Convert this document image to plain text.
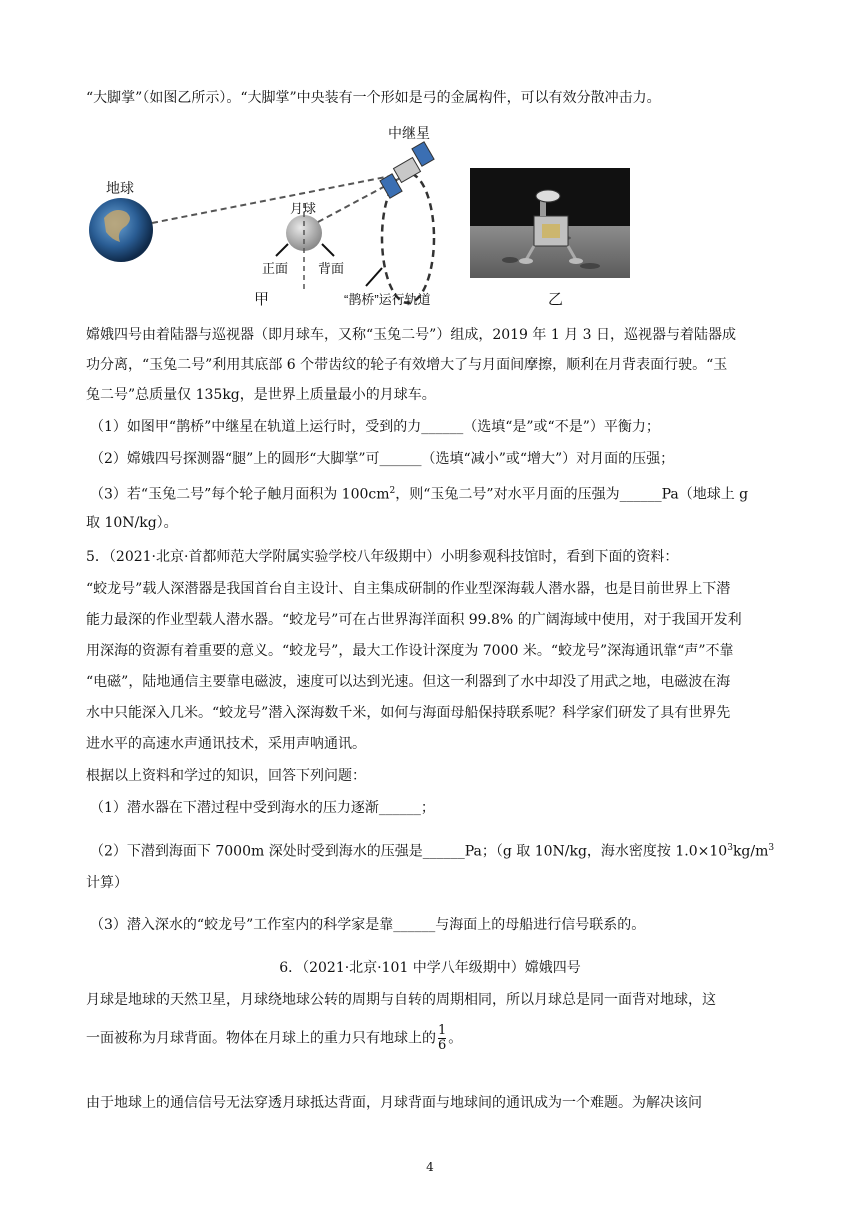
“大脚掌”（如图乙所示）。“大脚掌”中央装有一个形如是弓的金属构件，可以有效分散冲击力。
地球
月球
正面 背面
中继星
“鹊桥”运行轨道
甲	乙
嫦娥四号由着陆器与巡视器（即月球车，又称“玉兔二号”）组成，2019 年 1 月 3 日，巡视器与着陆器成
功分离，“玉兔二号”利用其底部 6 个带齿纹的轮子有效增大了与月面间摩擦，顺利在月背表面行驶。“玉
兔二号”总质量仅 135kg，是世界上质量最小的月球车。
（1）如图甲“鹊桥”中继星在轨道上运行时，受到的力______（选填“是”或“不是”）平衡力；
（2）嫦娥四号探测器“腿”上的圆形“大脚掌”可______（选填“减小”或“增大”）对月面的压强；
（3）若“玉兔二号”每个轮子触月面积为 $100cm^2$，则“玉兔二号”对水平月面的压强为______Pa（地球上 g
取 10N/kg）。
5．（2021·北京·首都师范大学附属实验学校八年级期中）小明参观科技馆时，看到下面的资料：
“蛟龙号”载人深潜器是我国首台自主设计、自主集成研制的作业型深海载人潜水器，也是目前世界上下潜
能力最深的作业型载人潜水器。“蛟龙号”可在占世界海洋面积 99.8% 的广阔海域中使用，对于我国开发利
用深海的资源有着重要的意义。“蛟龙号”，最大工作设计深度为 7000 米。“蛟龙号”深海通讯靠“声”不靠
“电磁”，陆地通信主要靠电磁波，速度可以达到光速。但这一利器到了水中却没了用武之地，电磁波在海
水中只能深入几米。“蛟龙号”潜入深海数千米，如何与海面母船保持联系呢？科学家们研发了具有世界先
进水平的高速水声通讯技术，采用声呐通讯。
根据以上资料和学过的知识，回答下列问题：
（1）潜水器在下潜过程中受到海水的压力逐渐______；
（2）下潜到海面下 7000m 深处时受到海水的压强是______Pa；（g 取 10N/kg，海水密度按 $1.0\times 10^3kg/m^3$
计算）
（3）潜入深水的“蛟龙号”工作室内的科学家是靠______与海面上的母船进行信号联系的。
6．（2021·北京·101 中学八年级期中）嫦娥四号
月球是地球的天然卫星，月球绕地球公转的周期与自转的周期相同，所以月球总是同一面背对地球，这
一面被称为月球背面。物体在月球上的重力只有地球上的 $\frac{1}{6}$ 。
由于地球上的通信信号无法穿透月球抵达背面，月球背面与地球间的通讯成为一个难题。为解决该问
4
